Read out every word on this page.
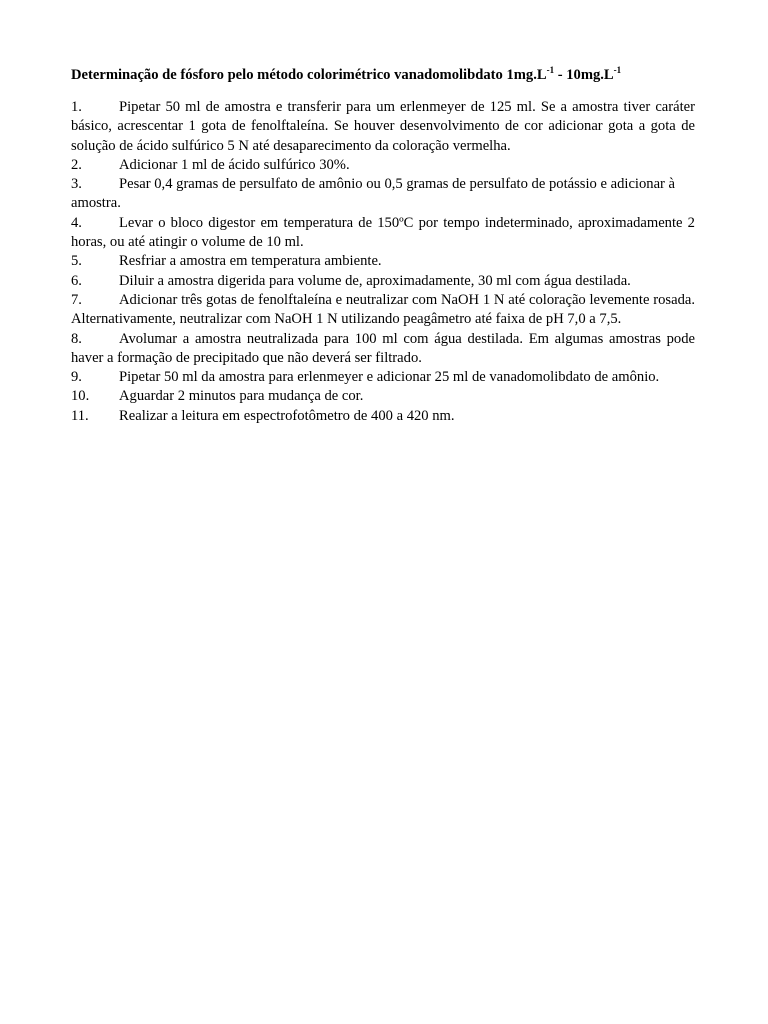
Determinação de fósforo pelo método colorimétrico vanadomolibdato $1mg.L^{-1} - 10mg.L^{-1}$
1.	Pipetar 50 ml de amostra e transferir para um erlenmeyer de 125 ml. Se a amostra tiver caráter básico, acrescentar 1 gota de fenolftaleína. Se houver desenvolvimento de cor adicionar gota a gota de solução de ácido sulfúrico 5 N até desaparecimento da coloração vermelha.
2.	Adicionar 1 ml de ácido sulfúrico 30%.
3.	Pesar 0,4 gramas de persulfato de amônio ou 0,5 gramas de persulfato de potássio e adicionar à amostra.
4.	Levar o bloco digestor em temperatura de 150ºC por tempo indeterminado, aproximadamente 2 horas, ou até atingir o volume de 10 ml.
5.	Resfriar a amostra em temperatura ambiente.
6.	Diluir a amostra digerida para volume de, aproximadamente, 30 ml com água destilada.
7.	Adicionar três gotas de fenolftaleína e neutralizar com NaOH 1 N até coloração levemente rosada. Alternativamente, neutralizar com NaOH 1 N utilizando peagâmetro até faixa de pH 7,0 a 7,5.
8.	Avolumar a amostra neutralizada para 100 ml com água destilada. Em algumas amostras pode haver a formação de precipitado que não deverá ser filtrado.
9.	Pipetar 50 ml da amostra para erlenmeyer e adicionar 25 ml de vanadomolibdato de amônio.
10. Aguardar 2 minutos para mudança de cor.
11. Realizar a leitura em espectrofotômetro de 400 a 420 nm.
